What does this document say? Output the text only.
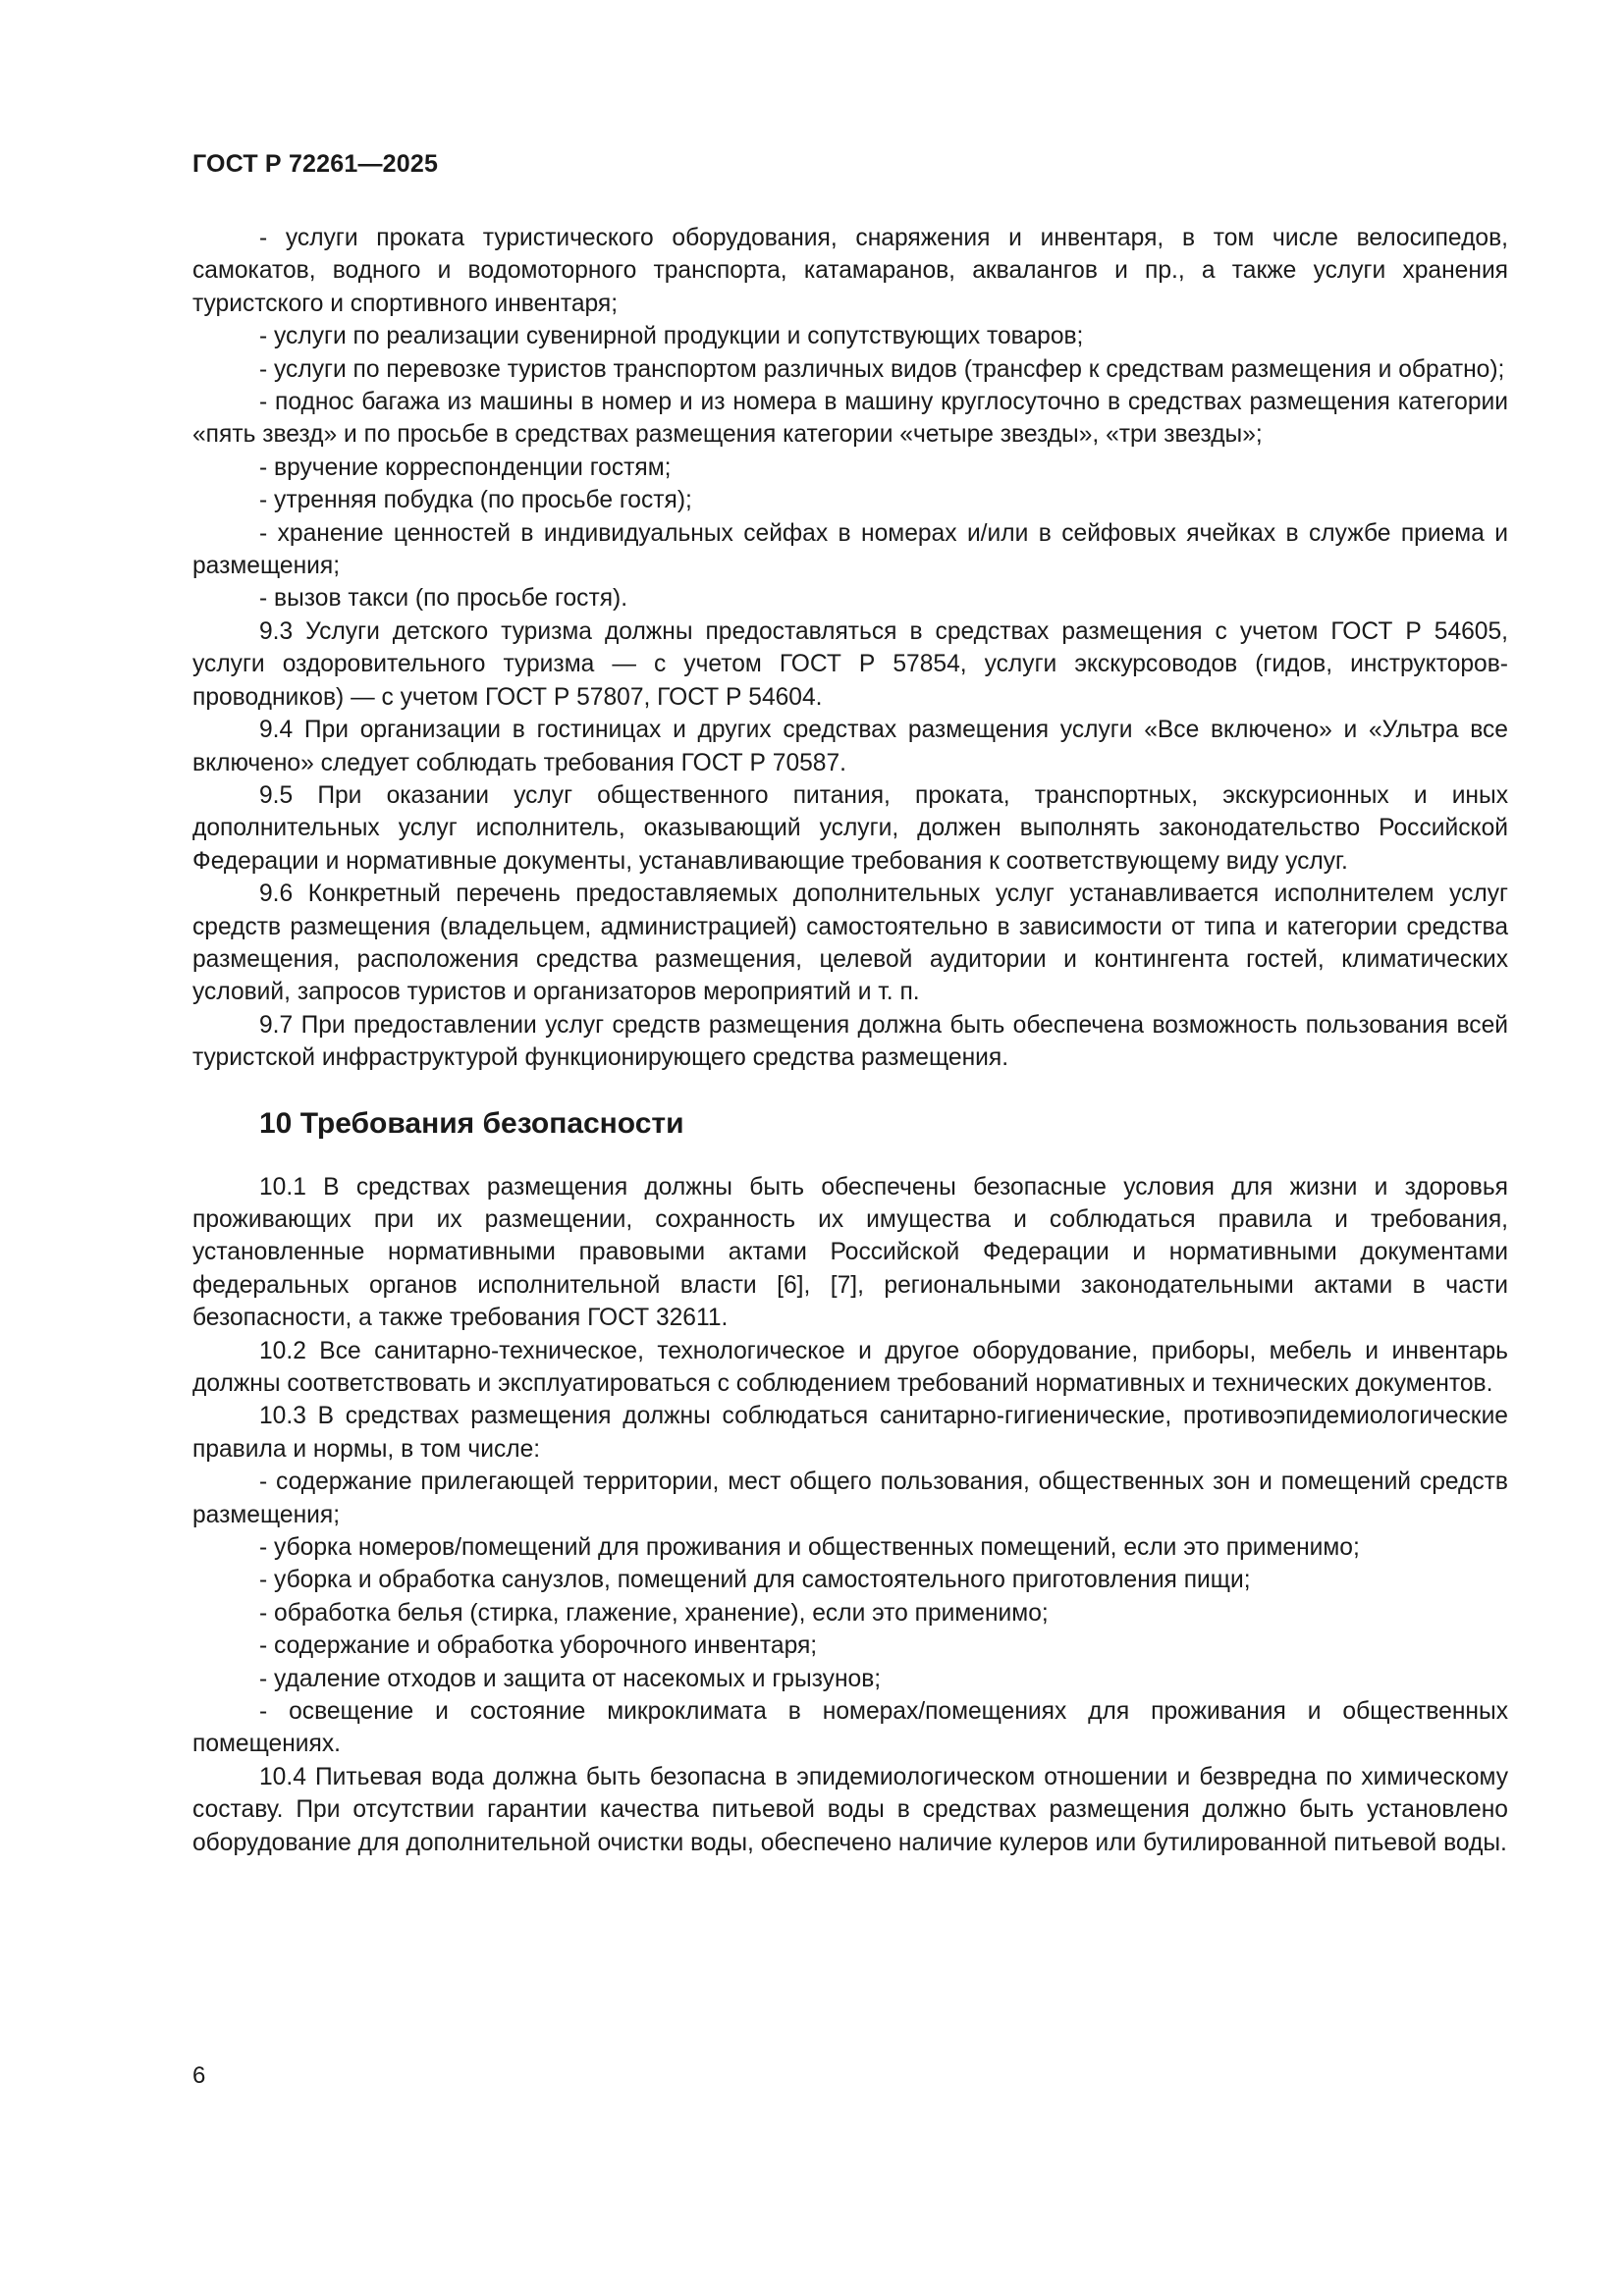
ГОСТ Р 72261—2025

- услуги проката туристического оборудования, снаряжения и инвентаря, в том числе велосипедов, самокатов, водного и водомоторного транспорта, катамаранов, аквалангов и пр., а также услуги хранения туристского и спортивного инвентаря;

- услуги по реализации сувенирной продукции и сопутствующих товаров;

- услуги по перевозке туристов транспортом различных видов (трансфер к средствам размещения и обратно);

- поднос багажа из машины в номер и из номера в машину круглосуточно в средствах размещения категории «пять звезд» и по просьбе в средствах размещения категории «четыре звезды», «три звезды»;

- вручение корреспонденции гостям;

- утренняя побудка (по просьбе гостя);

- хранение ценностей в индивидуальных сейфах в номерах и/или в сейфовых ячейках в службе приема и размещения;

- вызов такси (по просьбе гостя).

9.3 Услуги детского туризма должны предоставляться в средствах размещения с учетом ГОСТ Р 54605, услуги оздоровительного туризма — с учетом ГОСТ Р 57854, услуги экскурсоводов (гидов, инструкторов-проводников) — с учетом ГОСТ Р 57807, ГОСТ Р 54604.

9.4 При организации в гостиницах и других средствах размещения услуги «Все включено» и «Ультра все включено» следует соблюдать требования ГОСТ Р 70587.

9.5 При оказании услуг общественного питания, проката, транспортных, экскурсионных и иных дополнительных услуг исполнитель, оказывающий услуги, должен выполнять законодательство Российской Федерации и нормативные документы, устанавливающие требования к соответствующему виду услуг.

9.6 Конкретный перечень предоставляемых дополнительных услуг устанавливается исполнителем услуг средств размещения (владельцем, администрацией) самостоятельно в зависимости от типа и категории средства размещения, расположения средства размещения, целевой аудитории и контингента гостей, климатических условий, запросов туристов и организаторов мероприятий и т. п.

9.7 При предоставлении услуг средств размещения должна быть обеспечена возможность пользования всей туристской инфраструктурой функционирующего средства размещения.

10 Требования безопасности

10.1 В средствах размещения должны быть обеспечены безопасные условия для жизни и здоровья проживающих при их размещении, сохранность их имущества и соблюдаться правила и требования, установленные нормативными правовыми актами Российской Федерации и нормативными документами федеральных органов исполнительной власти [6], [7], региональными законодательными актами в части безопасности, а также требования ГОСТ 32611.

10.2 Все санитарно-техническое, технологическое и другое оборудование, приборы, мебель и инвентарь должны соответствовать и эксплуатироваться с соблюдением требований нормативных и технических документов.

10.3 В средствах размещения должны соблюдаться санитарно-гигиенические, противоэпидемиологические правила и нормы, в том числе:

- содержание прилегающей территории, мест общего пользования, общественных зон и помещений средств размещения;

- уборка номеров/помещений для проживания и общественных помещений, если это применимо;

- уборка и обработка санузлов, помещений для самостоятельного приготовления пищи;

- обработка белья (стирка, глажение, хранение), если это применимо;

- содержание и обработка уборочного инвентаря;

- удаление отходов и защита от насекомых и грызунов;

- освещение и состояние микроклимата в номерах/помещениях для проживания и общественных помещениях.

10.4 Питьевая вода должна быть безопасна в эпидемиологическом отношении и безвредна по химическому составу. При отсутствии гарантии качества питьевой воды в средствах размещения должно быть установлено оборудование для дополнительной очистки воды, обеспечено наличие кулеров или бутилированной питьевой воды.

6
